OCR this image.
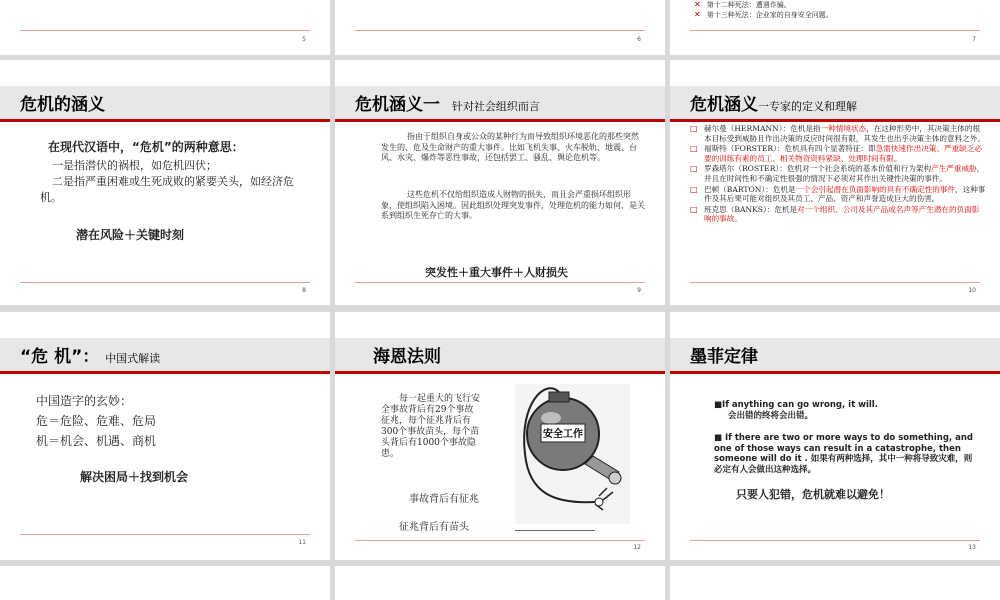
5	6
✕ 第十二种死法：遭遇诈骗。
✕ 第十三种死法：企业家的自身安全问题。
7
危机的涵义
在现代汉语中，“危机”的两种意思：
一是指潜伏的祸根，如危机四伏；
二是指严重困难或生死成败的紧要关头，如经济危机。
潜在风险＋关键时刻
8
危机涵义一 针对社会组织而言
指由于组织自身或公众的某种行为而导致组织环境恶化的那些突然发生的、危及生命财产的重大事件。比如飞机失事、火车脱轨、地震、台风、水灾、爆炸等恶性事故，还包括罢工、骚乱、舆论危机等。
这些危机不仅给组织造成人财物的损失，而且会严重损坏组织形象，使组织陷入困境。因此组织处理突发事件，处理危机的能力如何，是关系到组织生死存亡的大事。
突发性＋重大事件＋人财损失
9
危机涵义一专家的定义和理解
□ 赫尔曼（HERMANN）：危机是指一种情境状态，在这种形势中，其决策主体的根本目标受到威胁且作出决策的反应时间很有限，其发生也出乎决策主体的意料之外。
□ 福斯特（FORSTER）：危机具有四个显著特征：即急需快速作出决策、严重缺乏必要的训练有素的员工、相关物资资料紧缺、处理时间有限。
□ 罗森塔尔（ROSTER）：危机对一个社会系统的基本价值和行为架构产生严重威胁，并且在时间性和不确定性很强的情况下必须对其作出关键性决策的事件。
□ 巴顿（BARTON）：危机是一个会引起潜在负面影响的具有不确定性的事件，这种事件及其后果可能对组织及其员工、产品、资产和声誉造成巨大的伤害。
□ 班克思（BANKS）：危机是对一个组织、公司及其产品或名声等产生潜在的负面影响的事故。
10
“危 机”： 中国式解读
中国造字的玄妙：
危＝危险、危难、危局
机＝机会、机遇、商机
解决困局＋找到机会
11
海恩法则
每一起重大的飞行安全事故背后有29个事故征兆，每个征兆背后有300个事故苗头，每个苗头背后有1000个事故隐患。
事故背后有征兆
征兆背后有苗头
安全工作
12
墨菲定律
■If anything can go wrong, it will.
会出错的终将会出错。
■ If there are two or more ways to do something, and one of those ways can result in a catastrophe, then someone will do it . 如果有两种选择，其中一种将导致灾难，则必定有人会做出这种选择。
只要人犯错，危机就难以避免！
13
